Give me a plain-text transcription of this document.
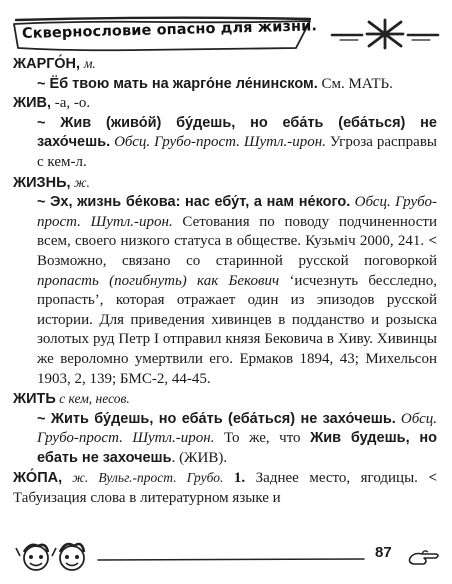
Сквернословие опасно для жизни.

ЖАРГО́Н, м.

~ Ёб твою мать на жарго́не ле́нинском. См. МАТЬ.

ЖИВ, -а, -о.

~ Жив (живо́й) бу́дешь, но еба́ть (еба́ться) не захо́чешь. Обсц. Грубо-прост. Шутл.-ирон. Угроза расправы с кем-л.

ЖИЗНЬ, ж.

~ Эх, жизнь бе́кова: нас ебу́т, а нам не́кого. Обсц. Грубо-прост. Шутл.-ирон. Сетования по поводу подчиненности всем, своего низкого статуса в обществе. Кузьміч 2000, 241. < Возможно, связано со старинной русской поговоркой пропасть (погибнуть) как Бекович ‘исчезнуть бесследно, пропасть’, которая отражает один из эпизодов русской истории. Для приведения хивинцев в подданство и розыска золотых руд Петр I отправил князя Бековича в Хиву. Хивинцы же вероломно умертвили его. Ермаков 1894, 43; Михельсон 1903, 2, 139; БМС-2, 44-45.

ЖИТЬ с кем, несов.

~ Жить бу́дешь, но еба́ть (еба́ться) не захо́чешь. Обсц. Грубо-прост. Шутл.-ирон. То же, что Жив будешь, но ебать не захочешь. (ЖИВ).

ЖО́ПА, ж. Вульг.-прост. Грубо. 1. Заднее место, ягодицы. < Табуизация слова в литературном языке и

87
